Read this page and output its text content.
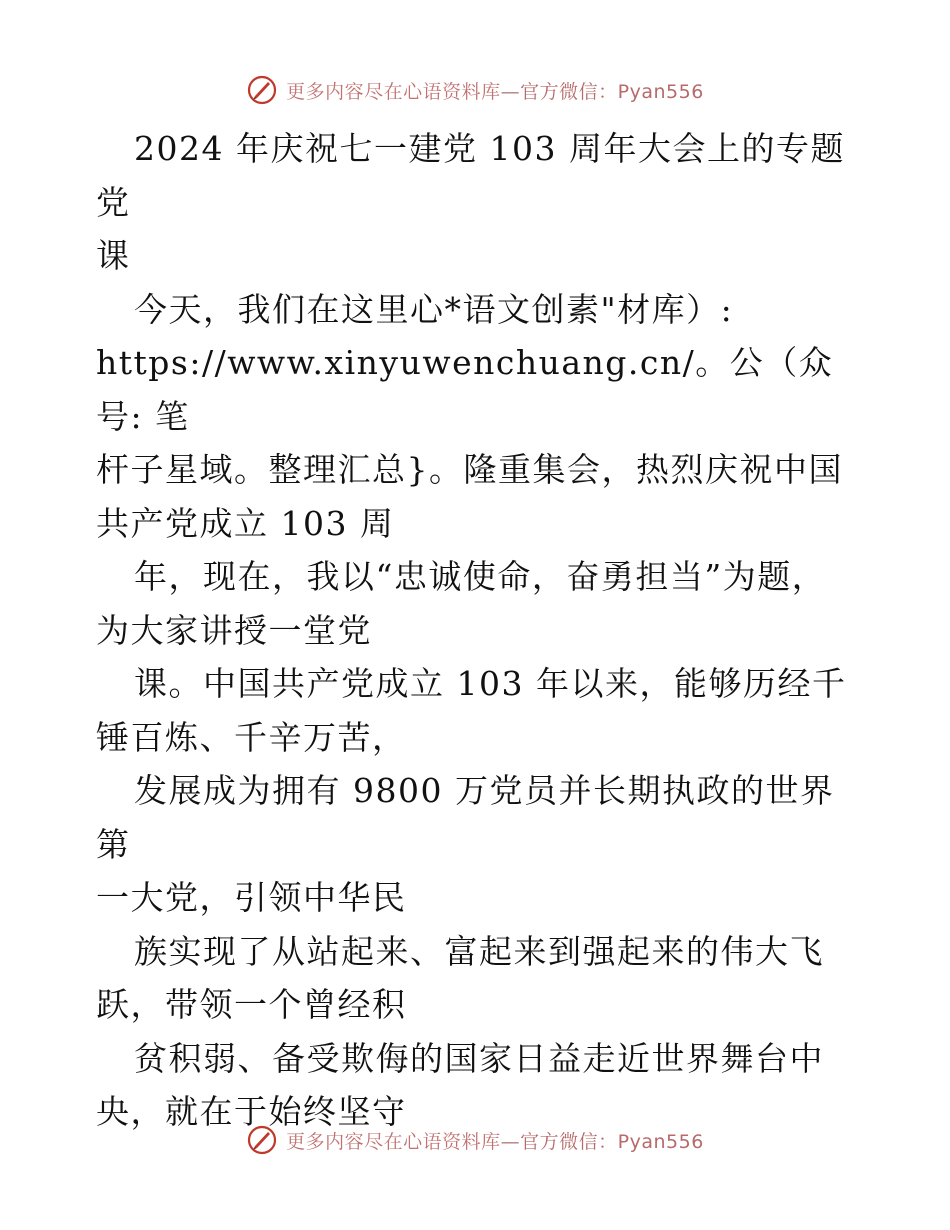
更多内容尽在心语资料库—官方微信：Pyan556

2024 年庆祝七一建党 103 周年大会上的专题党

课

今天，我们在这里心*语文创素"材库）:

https://www.xinyuwenchuang.cn/。公（众号: 笔

杆子星域。整理汇总}。隆重集会，热烈庆祝中国

共产党成立 103 周

年，现在，我以“忠诚使命，奋勇担当”为题，

为大家讲授一堂党

课。中国共产党成立 103 年以来，能够历经千

锤百炼、千辛万苦，

发展成为拥有 9800 万党员并长期执政的世界第

一大党，引领中华民

族实现了从站起来、富起来到强起来的伟大飞

跃，带领一个曾经积

贫积弱、备受欺侮的国家日益走近世界舞台中

央，就在于始终坚守

更多内容尽在心语资料库—官方微信：Pyan556
